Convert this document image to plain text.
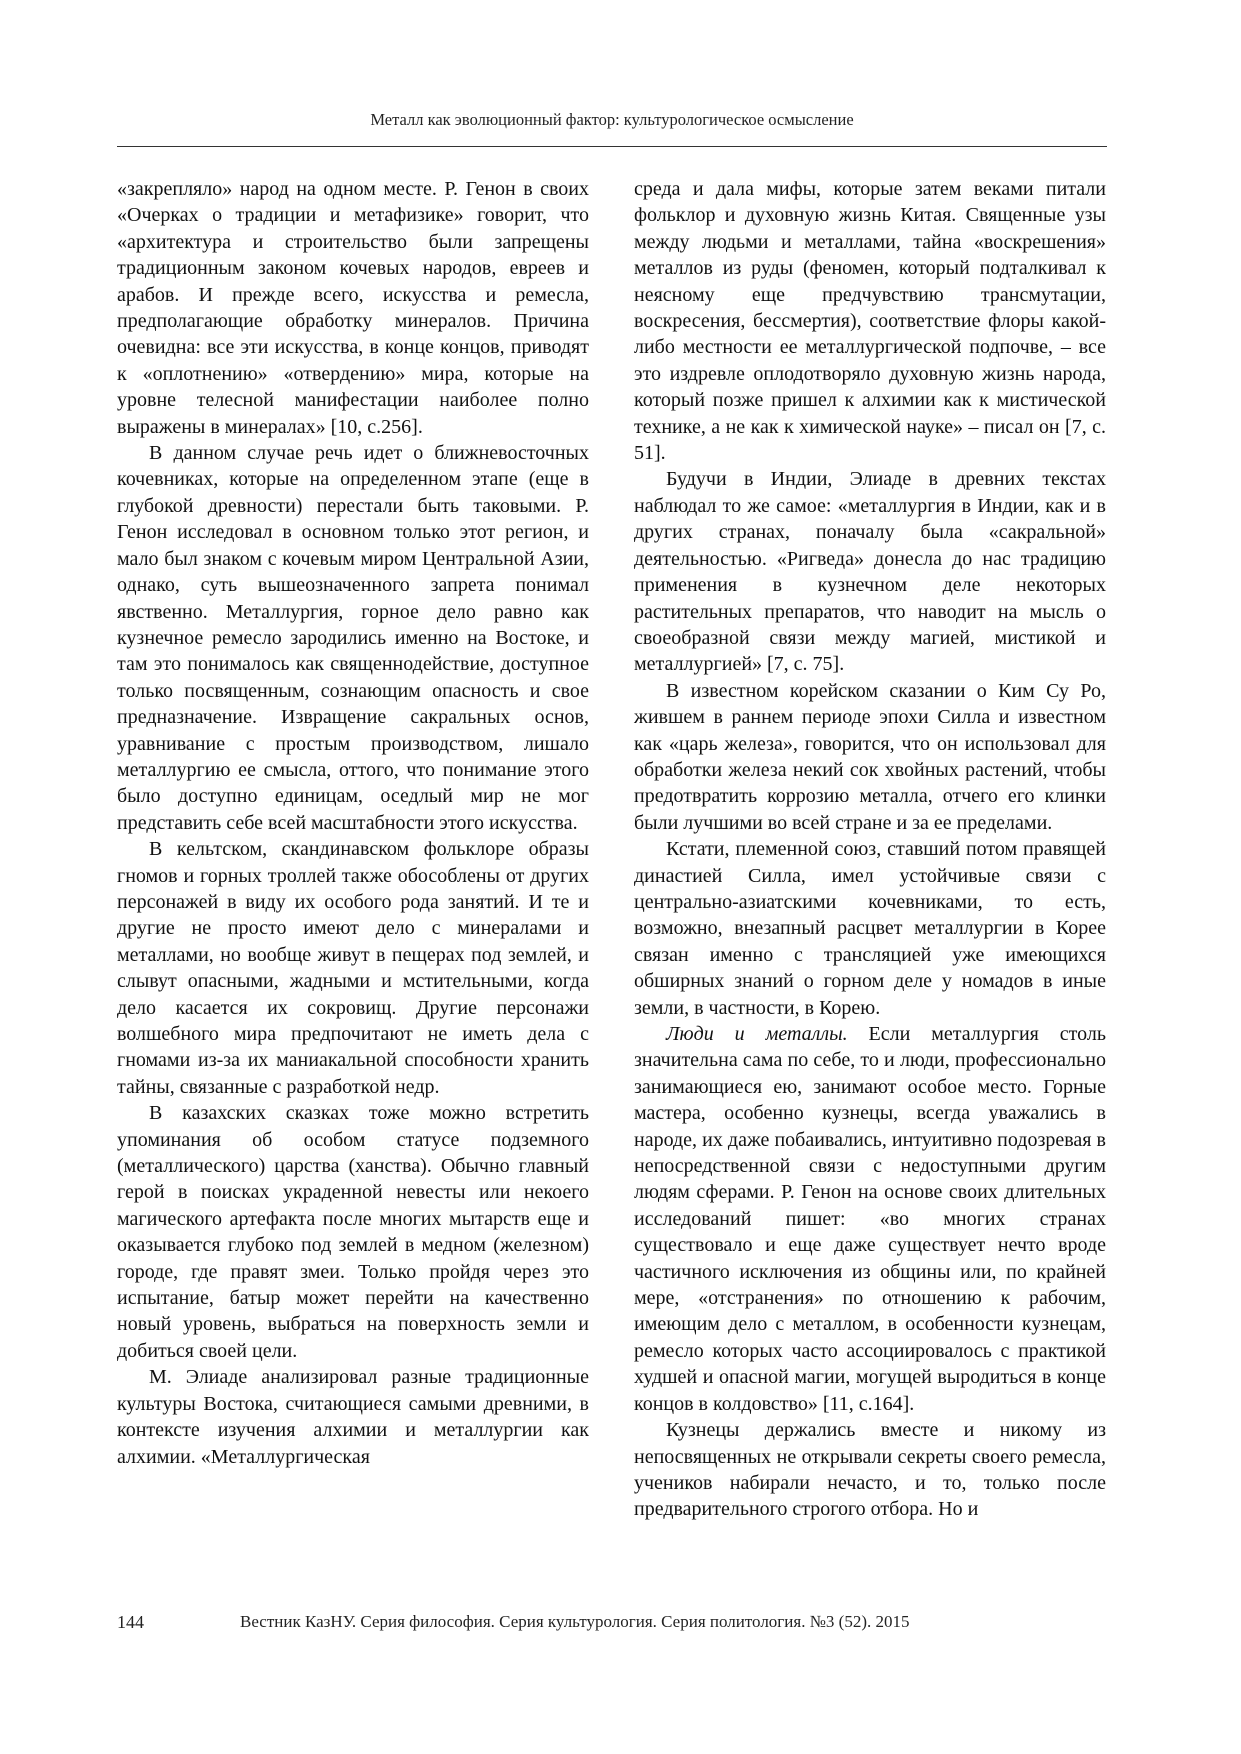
Металл как эволюционный фактор: культурологическое осмысление

«закрепляло» народ на одном месте. Р. Генон в своих «Очерках о традиции и метафизике» говорит, что «архитектура и строительство были запрещены традиционным законом кочевых народов, евреев и арабов. И прежде всего, искусства и ремесла, предполагающие обработку минералов. Причина очевидна: все эти искусства, в конце концов, приводят к «оплотнению» «отвердению» мира, которые на уровне телесной манифестации наиболее полно выражены в минералах» [10, с.256].

В данном случае речь идет о ближневосточных кочевниках, которые на определенном этапе (еще в глубокой древности) перестали быть таковыми. Р. Генон исследовал в основном только этот регион, и мало был знаком с кочевым миром Центральной Азии, однако, суть вышеозначенного запрета понимал явственно. Металлургия, горное дело равно как кузнечное ремесло зародились именно на Востоке, и там это понималось как священнодействие, доступное только посвященным, сознающим опасность и свое предназначение. Извращение сакральных основ, уравнивание с простым производством, лишало металлургию ее смысла, оттого, что понимание этого было доступно единицам, оседлый мир не мог представить себе всей масштабности этого искусства.

В кельтском, скандинавском фольклоре образы гномов и горных троллей также обособлены от других персонажей в виду их особого рода занятий. И те и другие не просто имеют дело с минералами и металлами, но вообще живут в пещерах под землей, и слывут опасными, жадными и мстительными, когда дело касается их сокровищ. Другие персонажи волшебного мира предпочитают не иметь дела с гномами из-за их маниакальной способности хранить тайны, связанные с разработкой недр.

В казахских сказках тоже можно встретить упоминания об особом статусе подземного (металлического) царства (ханства). Обычно главный герой в поисках украденной невесты или некоего магического артефакта после многих мытарств еще и оказывается глубоко под землей в медном (железном) городе, где правят змеи. Только пройдя через это испытание, батыр может перейти на качественно новый уровень, выбраться на поверхность земли и добиться своей цели.

М. Элиаде анализировал разные традиционные культуры Востока, считающиеся самыми древними, в контексте изучения алхимии и металлургии как алхимии. «Металлургическая

среда и дала мифы, которые затем веками питали фольклор и духовную жизнь Китая. Священные узы между людьми и металлами, тайна «воскрешения» металлов из руды (феномен, который подталкивал к неясному еще предчувствию трансмутации, воскресения, бессмертия), соответствие флоры какой-либо местности ее металлургической подпочве, – все это издревле оплодотворяло духовную жизнь народа, который позже пришел к алхимии как к мистической технике, а не как к химической науке» – писал он [7, с. 51].

Будучи в Индии, Элиаде в древних текстах наблюдал то же самое: «металлургия в Индии, как и в других странах, поначалу была «сакральной» деятельностью. «Ригведа» донесла до нас традицию применения в кузнечном деле некоторых растительных препаратов, что наводит на мысль о своеобразной связи между магией, мистикой и металлургией» [7, с. 75].

В известном корейском сказании о Ким Су Ро, жившем в раннем периоде эпохи Силла и известном как «царь железа», говорится, что он использовал для обработки железа некий сок хвойных растений, чтобы предотвратить коррозию металла, отчего его клинки были лучшими во всей стране и за ее пределами.

Кстати, племенной союз, ставший потом правящей династией Силла, имел устойчивые связи с центрально-азиатскими кочевниками, то есть, возможно, внезапный расцвет металлургии в Корее связан именно с трансляцией уже имеющихся обширных знаний о горном деле у номадов в иные земли, в частности, в Корею.

Люди и металлы. Если металлургия столь значительна сама по себе, то и люди, профессионально занимающиеся ею, занимают особое место. Горные мастера, особенно кузнецы, всегда уважались в народе, их даже побаивались, интуитивно подозревая в непосредственной связи с недоступными другим людям сферами. Р. Генон на основе своих длительных исследований пишет: «во многих странах существовало и еще даже существует нечто вроде частичного исключения из общины или, по крайней мере, «отстранения» по отношению к рабочим, имеющим дело с металлом, в особенности кузнецам, ремесло которых часто ассоциировалось с практикой худшей и опасной магии, могущей выродиться в конце концов в колдовство» [11, с.164].

Кузнецы держались вместе и никому из непосвященных не открывали секреты своего ремесла, учеников набирали нечасто, и то, только после предварительного строгого отбора. Но и

144	Вестник КазНУ. Серия философия. Серия культурология. Серия политология. №3 (52). 2015
